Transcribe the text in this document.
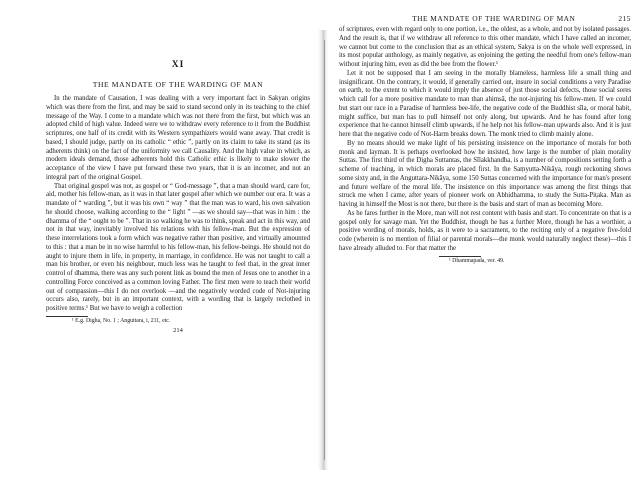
XI
THE MANDATE OF THE WARDING OF MAN

In the mandate of Causation, I was dealing with a very important fact in Sakyan origins which was there from the first, and may be said to stand second only in its teaching to the chief message of the Way. I come to a mandate which was not there from the first, but which was an adopted child of high value. Indeed were we to withdraw every reference to it from the Buddhist scriptures, one half of its credit with its Western sympathizers would wane away. That credit is based, I should judge, partly on its catholic “ ethic ”, partly on its claim to take its stand (as its adherents think) on the fact of the uniformity we call Causality. And the high value in which, as modern ideals demand, those adherents hold this Catholic ethic is likely to make slower the acceptance of the view I have put forward these two years, that it is an incomer, and not an integral part of the original Gospel.

That original gospel was not, as gospel or “ God-message ”, that a man should ward, care for, aid, mother his fellow-man, as it was in that later gospel after which we number our era. It was a mandate of “ warding ”, but it was his own “ way ” that the man was to ward, his own salvation he should choose, walking according to the “ light ” —as we should say—that was in him : the dhamma of the “ ought to be ”. That in so walking he was to think, speak and act in this way, and not in that way, inevitably involved his relations with his fellow-man. But the expression of these interrelations took a form which was negative rather than positive, and virtually amounted to this : that a man be in no wise harmful to his fellow-man, his fellow-beings. He should not do aught to injure them in life, in property, in marriage, in confidence. He was not taught to call a man his brother, or even his neighbour, much less was he taught to feel that, in the great inner control of dhamma, there was any such potent link as bound the men of Jesus one to another in a controlling Force conceived as a common loving Father. The first men were to teach their world out of compassion—this I do not overlook —and the negatively worded code of Not-injuring occurs also, rarely, but in an important context, with a wording that is largely reclothed in positive terms.¹ But we have to weigh a collection

¹ E.g. Digha, No. 1 ; Anguttara, i, 211, etc.

214
THE MANDATE OF THE WARDING OF MAN	215

of scriptures, even with regard only to one portion, i.e., the oldest, as a whole, and not by isolated passages. And the result is, that if we withdraw all reference to this other mandate, which I have called an incomer, we cannot but come to the conclusion that as an ethical system, Sakya is on the whole well expressed, in its most popular anthology, as mainly negative, as enjoining the getting the needful from one's fellow-man without injuring him, even as did the bee from the flower.¹

Let it not be supposed that I am seeing in the morally blameless, harmless life a small thing and insignificant. On the contrary, it would, if generally carried out, insure in social conditions a very Paradise on earth, to the extent to which it would imply the absence of just those social defects, those social sores which call for a more positive mandate to man than ahimsā, the not-injuring his fellow-men. If we could but start our race in a Paradise of harmless bee-life, the negative code of the Buddhist sīla, or moral habit, might suffice, but man has to pull himself not only along, but upwards. And he has found after long experience that he cannot himself climb upwards, if he help not his fellow-man upwards also. And it is just here that the negative code of Not-Harm breaks down. The monk tried to climb mainly alone.

By no means should we make light of his persisting insistence on the importance of morals for both monk and layman. It is perhaps overlooked how he insisted, how large is the number of plain morality Suttas. The first third of the Digha Suttantas, the Sīlakkhandha, is a number of compositions setting forth a scheme of teaching, in which morals are placed first. In the Saṃyutta-Nikāya, rough reckoning shows some sixty and, in the Anguttara-Nikāya, some 150 Suttas concerned with the importance for man's present and future welfare of the moral life. The insistence on this importance was among the first things that struck me when I came, after years of pioneer work on Abhidhamma, to study the Sutta-Piṭaka. Man as having in himself the Most is not there, but there is the basis and start of man as becoming More.

As he fares further in the More, man will not rest content with basis and start. To concentrate on that is a gospel only for savage man. Yet the Buddhist, though he has a further More, though he has a worthier, a positive wording of morals, holds, as it were to a sacrament, to the reciting only of a negative five-fold code (wherein is no mention of filial or parental morals—the monk would naturally neglect these)—this I have already alluded to. For that matter the

¹ Dhammapada, ver. 49.
